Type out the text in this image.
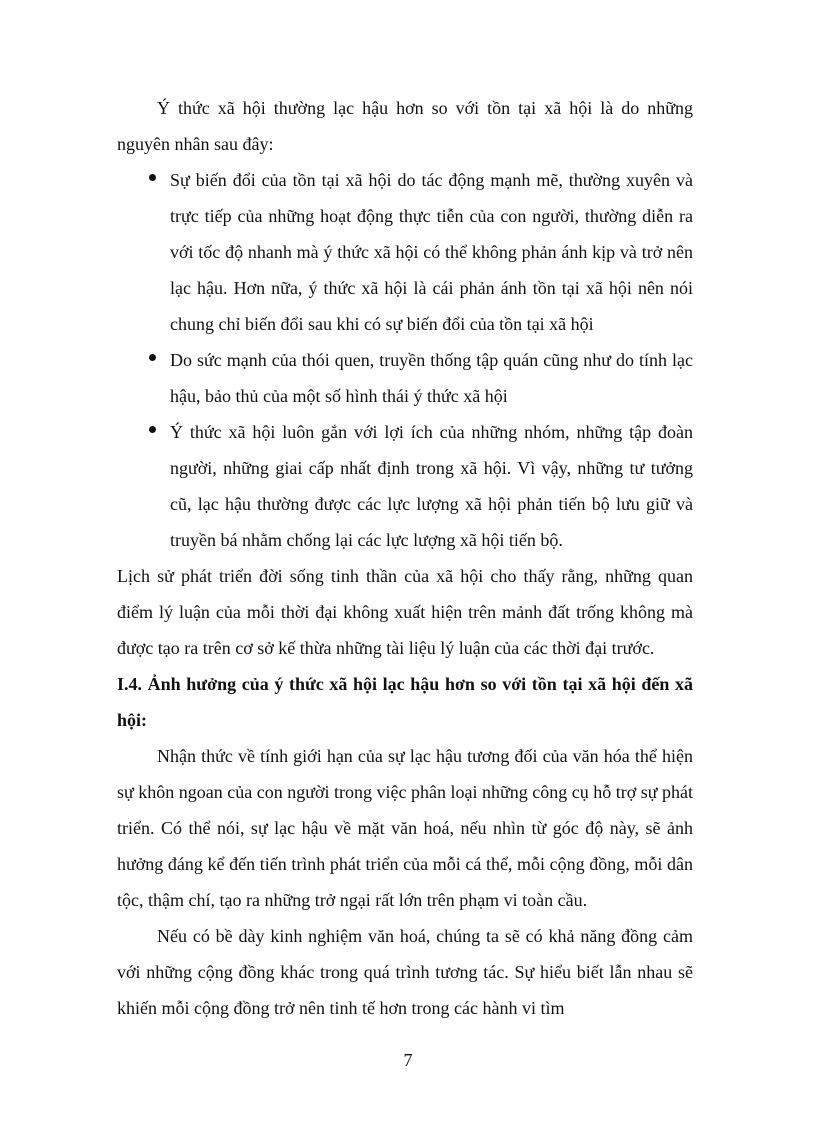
Ý thức xã hội thường lạc hậu hơn so với tồn tại xã hội là do những nguyên nhân sau đây:

Sự biến đổi của tồn tại xã hội do tác động mạnh mẽ, thường xuyên và trực tiếp của những hoạt động thực tiễn của con người, thường diễn ra với tốc độ nhanh mà ý thức xã hội có thể không phản ánh kịp và trở nên lạc hậu. Hơn nữa, ý thức xã hội là cái phản ánh tồn tại xã hội nên nói chung chỉ biến đổi sau khi có sự biến đổi của tồn tại xã hội
Do sức mạnh của thói quen, truyền thống tập quán cũng như do tính lạc hậu, bảo thủ của một số hình thái ý thức xã hội
Ý thức xã hội luôn gắn với lợi ích của những nhóm, những tập đoàn người, những giai cấp nhất định trong xã hội. Vì vậy, những tư tưởng cũ, lạc hậu thường được các lực lượng xã hội phản tiến bộ lưu giữ và truyền bá nhằm chống lại các lực lượng xã hội tiến bộ.

Lịch sử phát triển đời sống tinh thần của xã hội cho thấy rằng, những quan điểm lý luận của mỗi thời đại không xuất hiện trên mảnh đất trống không mà được tạo ra trên cơ sở kế thừa những tài liệu lý luận của các thời đại trước.

I.4. Ảnh hưởng của ý thức xã hội lạc hậu hơn so với tồn tại xã hội đến xã hội:

Nhận thức về tính giới hạn của sự lạc hậu tương đối của văn hóa thể hiện sự khôn ngoan của con người trong việc phân loại những công cụ hỗ trợ sự phát triển. Có thể nói, sự lạc hậu về mặt văn hoá, nếu nhìn từ góc độ này, sẽ ảnh hưởng đáng kể đến tiến trình phát triển của mỗi cá thể, mỗi cộng đồng, mỗi dân tộc, thậm chí, tạo ra những trở ngại rất lớn trên phạm vi toàn cầu.

Nếu có bề dày kinh nghiệm văn hoá, chúng ta sẽ có khả năng đồng cảm với những cộng đồng khác trong quá trình tương tác. Sự hiểu biết lẫn nhau sẽ khiến mỗi cộng đồng trở nên tinh tế hơn trong các hành vi tìm

7
